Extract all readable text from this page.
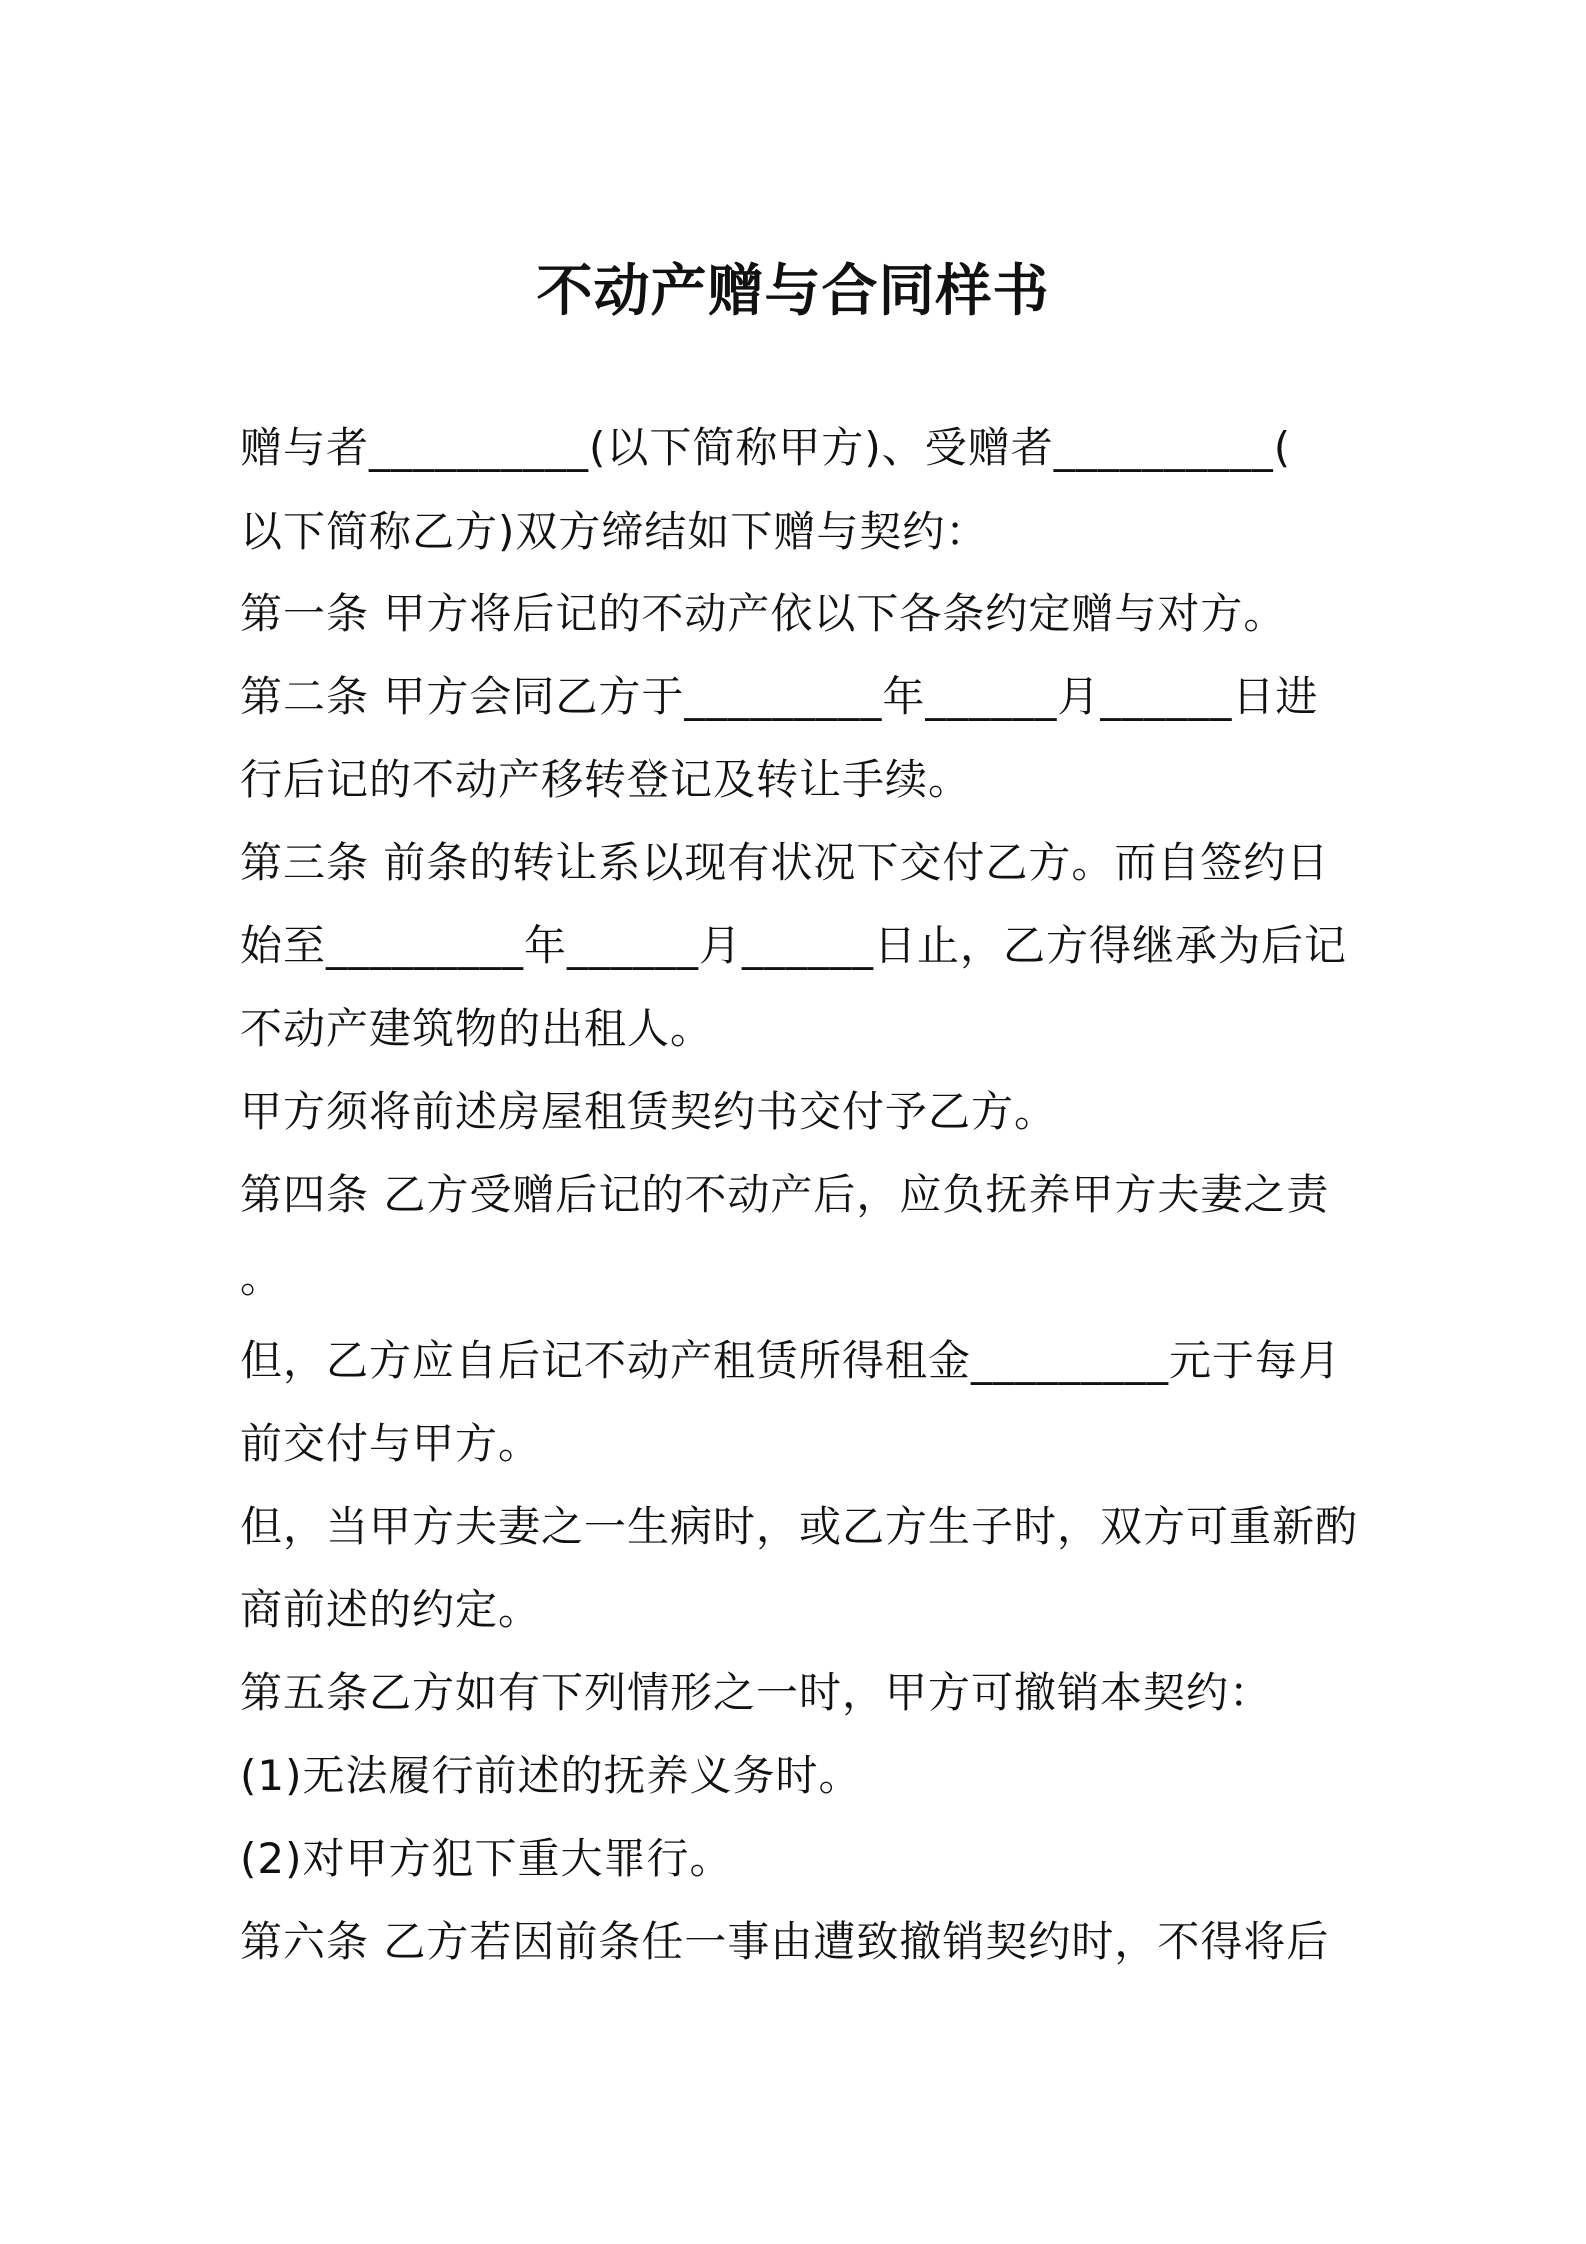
不动产赠与合同样书

赠与者__________(以下简称甲方)、受赠者__________(

以下简称乙方)双方缔结如下赠与契约：

第一条 甲方将后记的不动产依以下各条约定赠与对方。

第二条 甲方会同乙方于_________年______月______日进

行后记的不动产移转登记及转让手续。

第三条 前条的转让系以现有状况下交付乙方。而自签约日

始至_________年______月______日止，乙方得继承为后记

不动产建筑物的出租人。

甲方须将前述房屋租赁契约书交付予乙方。

第四条 乙方受赠后记的不动产后，应负抚养甲方夫妻之责

。

但，乙方应自后记不动产租赁所得租金_________元于每月

前交付与甲方。

但，当甲方夫妻之一生病时，或乙方生子时，双方可重新酌

商前述的约定。

第五条乙方如有下列情形之一时，甲方可撤销本契约：

(1)无法履行前述的抚养义务时。

(2)对甲方犯下重大罪行。

第六条 乙方若因前条任一事由遭致撤销契约时，不得将后
